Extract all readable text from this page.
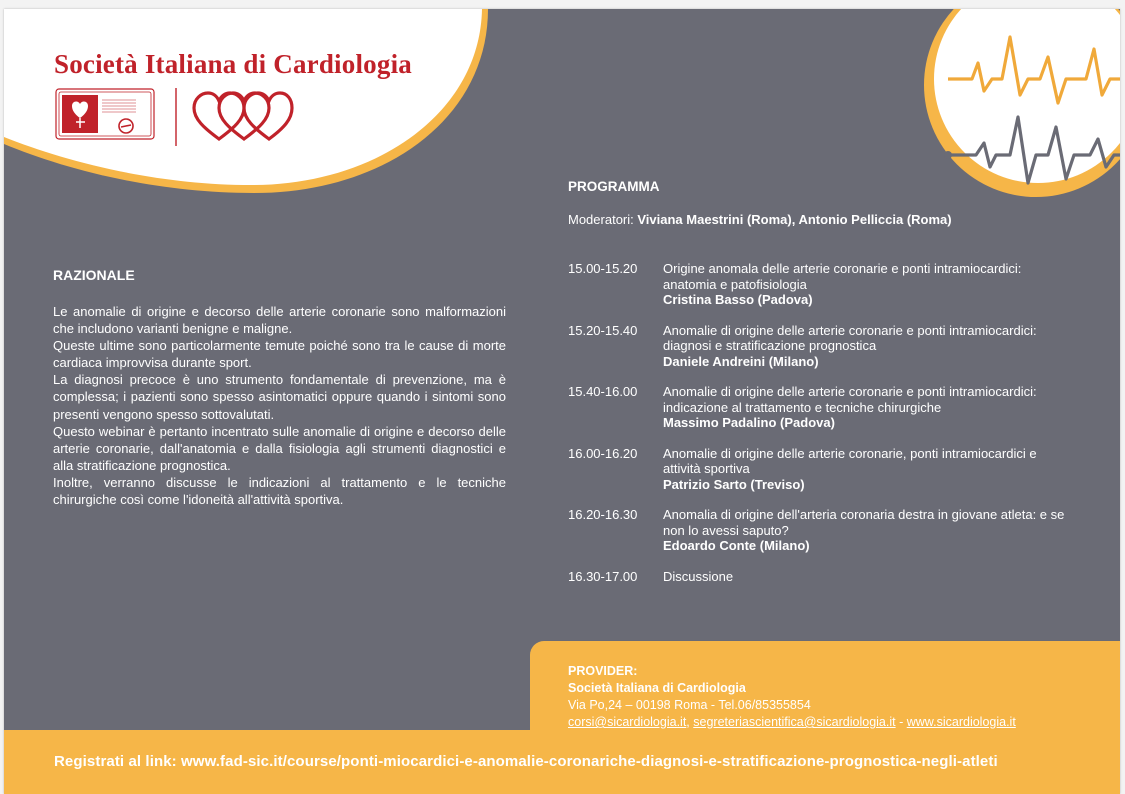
Società Italiana di Cardiologia
RAZIONALE

Le anomalie di origine e decorso delle arterie coronarie sono malformazioni che includono varianti benigne e maligne.

Queste ultime sono particolarmente temute poiché sono tra le cause di morte cardiaca improvvisa durante sport.

La diagnosi precoce è uno strumento fondamentale di prevenzione, ma è complessa; i pazienti sono spesso asintomatici oppure quando i sintomi sono presenti vengono spesso sottovalutati.

Questo webinar è pertanto incentrato sulle anomalie di origine e decorso delle arterie coronarie, dall'anatomia e dalla fisiologia agli strumenti diagnostici e alla stratificazione prognostica.

Inoltre, verranno discusse le indicazioni al trattamento e le tecniche chirurgiche così come l'idoneità all'attività sportiva.

PROGRAMMA
Moderatori: Viviana Maestrini (Roma), Antonio Pelliccia (Roma)
15.00-15.20	Origine anomala delle arterie coronarie e ponti intramiocardici: anatomia e patofisiologia
Cristina Basso (Padova)
15.20-15.40	Anomalie di origine delle arterie coronarie e ponti intramiocardici: diagnosi e stratificazione prognostica
Daniele Andreini (Milano)
15.40-16.00	Anomalie di origine delle arterie coronarie e ponti intramiocardici: indicazione al trattamento e tecniche chirurgiche
Massimo Padalino (Padova)
16.00-16.20	Anomalie di origine delle arterie coronarie, ponti intramiocardici e attività sportiva
Patrizio Sarto (Treviso)
16.20-16.30	Anomalia di origine dell'arteria coronaria destra in giovane atleta: e se non lo avessi saputo?
Edoardo Conte (Milano)
16.30-17.00	Discussione
PROVIDER:
Società Italiana di Cardiologia
Via Po,24 – 00198 Roma - Tel.06/85355854
corsi@sicardiologia.it, segreteriascientifica@sicardiologia.it - www.sicardiologia.it
Registrati al link: www.fad-sic.it/course/ponti-miocardici-e-anomalie-coronariche-diagnosi-e-stratificazione-prognostica-negli-atleti
